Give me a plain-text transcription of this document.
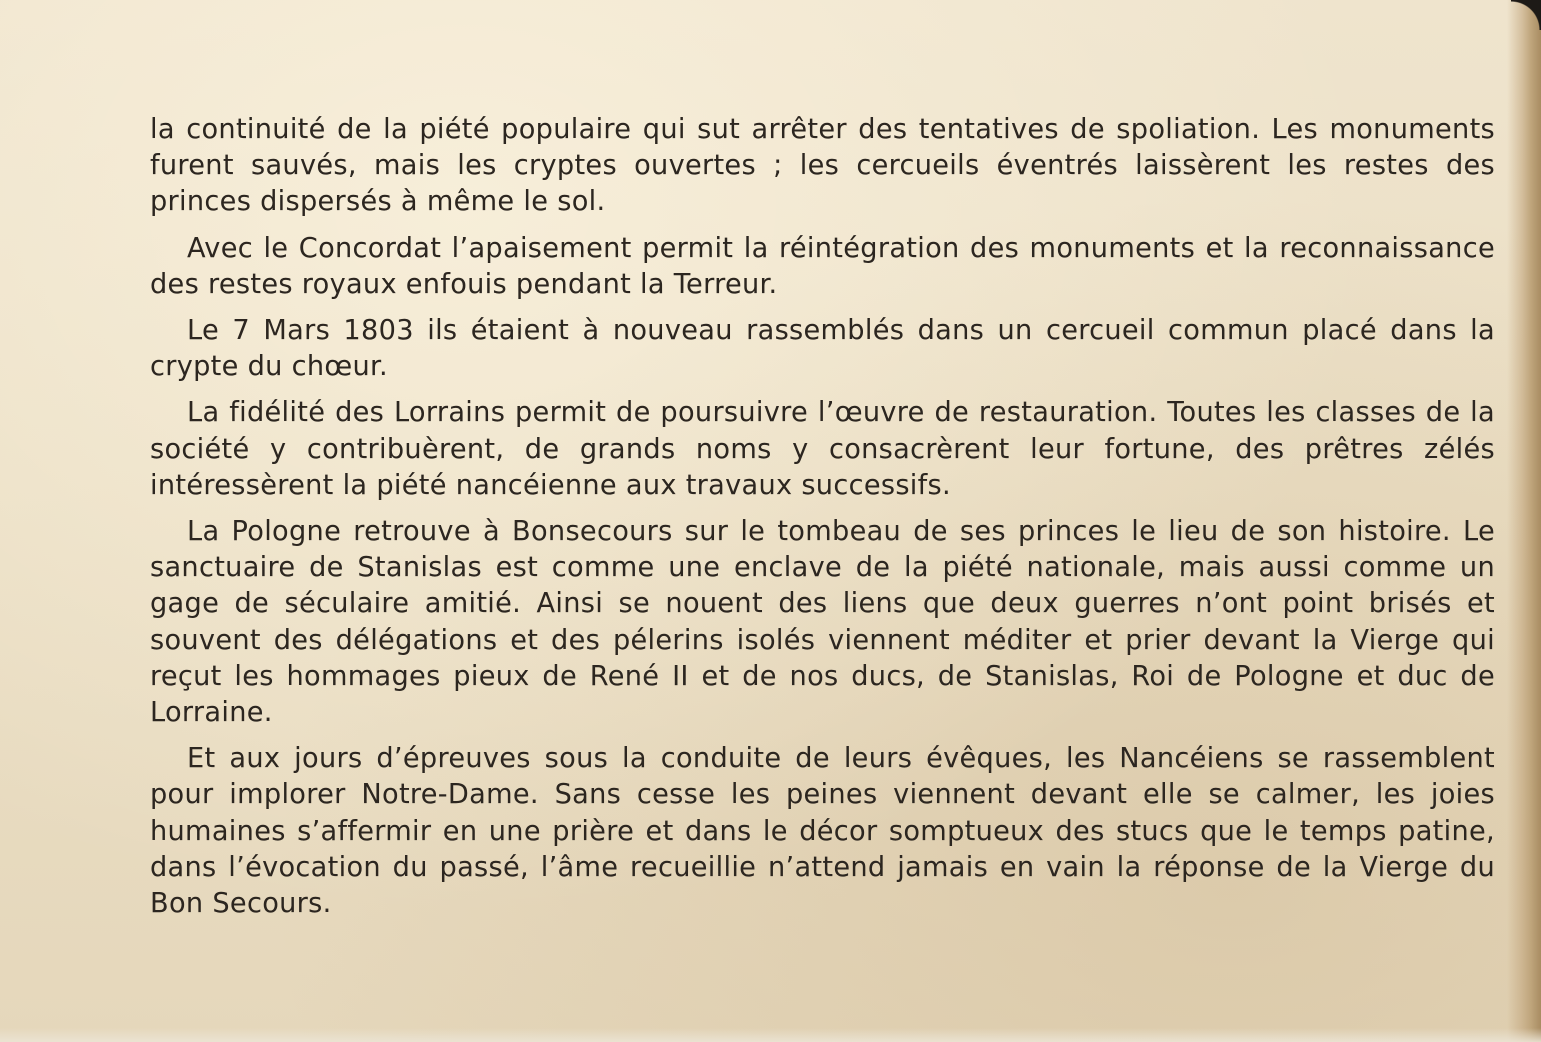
la continuité de la piété populaire qui sut arrêter des tentatives de spoliation. Les monuments furent sauvés, mais les cryptes ouvertes ; les cercueils éventrés laissèrent les restes des princes dispersés à même le sol.

Avec le Concordat l’apaisement permit la réintégration des monuments et la reconnaissance des restes royaux enfouis pendant la Terreur.

Le 7 Mars 1803 ils étaient à nouveau rassemblés dans un cercueil commun placé dans la crypte du chœur.

La fidélité des Lorrains permit de poursuivre l’œuvre de restauration. Toutes les classes de la société y contribuèrent, de grands noms y consacrèrent leur fortune, des prêtres zélés intéressèrent la piété nancéienne aux travaux successifs.

La Pologne retrouve à Bonsecours sur le tombeau de ses princes le lieu de son histoire. Le sanctuaire de Stanislas est comme une enclave de la piété nationale, mais aussi comme un gage de séculaire amitié. Ainsi se nouent des liens que deux guerres n’ont point brisés et souvent des délégations et des pélerins isolés viennent méditer et prier devant la Vierge qui reçut les hommages pieux de René II et de nos ducs, de Stanislas, Roi de Pologne et duc de Lorraine.

Et aux jours d’épreuves sous la conduite de leurs évêques, les Nancéiens se rassemblent pour implorer Notre-Dame. Sans cesse les peines viennent devant elle se calmer, les joies humaines s’affermir en une prière et dans le décor somptueux des stucs que le temps patine, dans l’évocation du passé, l’âme recueillie n’attend jamais en vain la réponse de la Vierge du Bon Secours.
